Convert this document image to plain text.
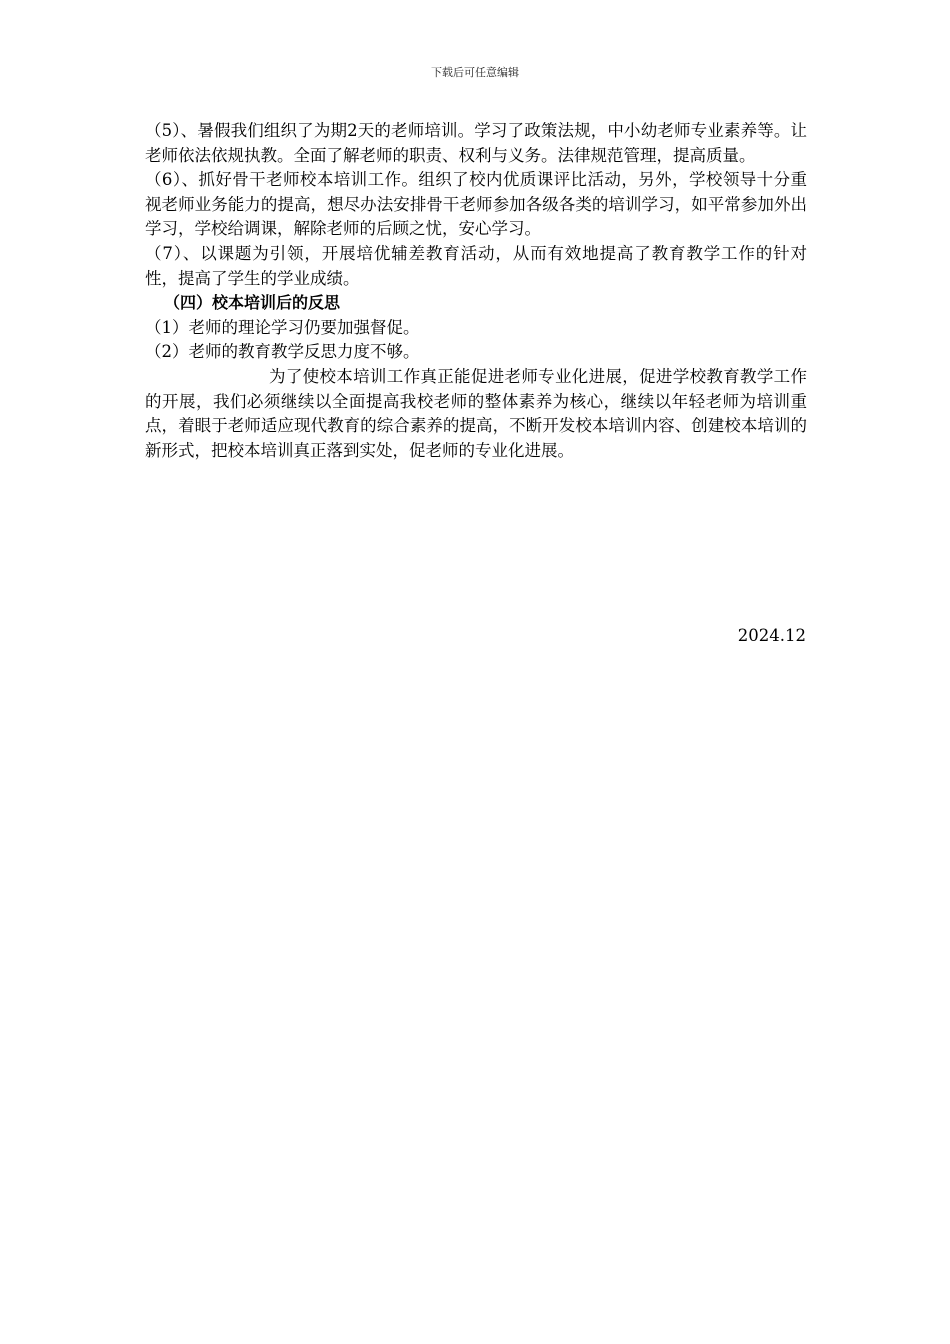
下载后可任意编辑

（5）、暑假我们组织了为期2天的老师培训。学习了政策法规，中小幼老师专业素养等。让老师依法依规执教。全面了解老师的职责、权利与义务。法律规范管理，提高质量。

（6）、抓好骨干老师校本培训工作。组织了校内优质课评比活动，另外，学校领导十分重视老师业务能力的提高，想尽办法安排骨干老师参加各级各类的培训学习，如平常参加外出学习，学校给调课，解除老师的后顾之忧，安心学习。

（7）、以课题为引领，开展培优辅差教育活动，从而有效地提高了教育教学工作的针对性，提高了学生的学业成绩。

（四）校本培训后的反思

（1）老师的理论学习仍要加强督促。

（2）老师的教育教学反思力度不够。

为了使校本培训工作真正能促进老师专业化进展，促进学校教育教学工作的开展，我们必须继续以全面提高我校老师的整体素养为核心，继续以年轻老师为培训重点，着眼于老师适应现代教育的综合素养的提高，不断开发校本培训内容、创建校本培训的新形式，把校本培训真正落到实处，促老师的专业化进展。

2024.12
